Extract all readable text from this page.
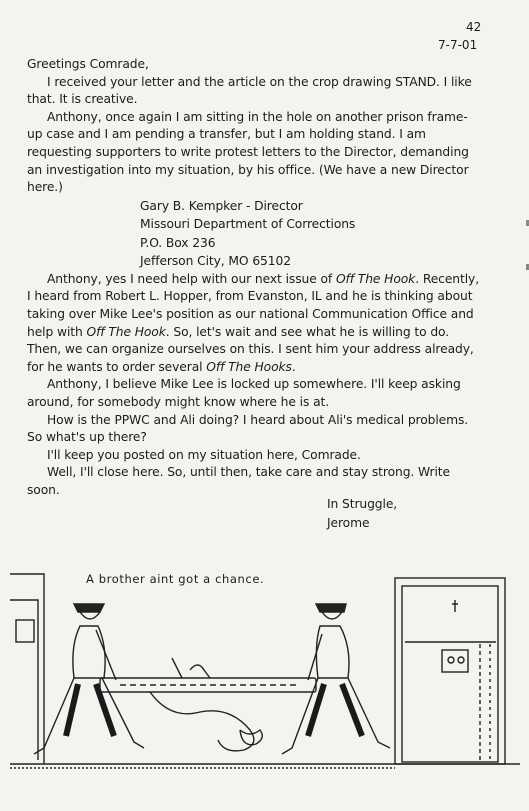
42
7-7-01

Greetings Comrade,

I received your letter and the article on the crop drawing STAND. I like that. It is creative.

Anthony, once again I am sitting in the hole on another prison frame-up case and I am pending a transfer, but I am holding stand. I am requesting supporters to write protest letters to the Director, demanding an investigation into my situation, by his office. (We have a new Director here.)

Gary B. Kempker - Director
Missouri Department of Corrections
P.O. Box 236
Jefferson City, MO 65102

Anthony, yes I need help with our next issue of Off The Hook. Recently, I heard from Robert L. Hopper, from Evanston, IL and he is thinking about taking over Mike Lee's position as our national Communication Office and help with Off The Hook. So, let's wait and see what he is willing to do. Then, we can organize ourselves on this. I sent him your address already, for he wants to order several Off The Hooks.

Anthony, I believe Mike Lee is locked up somewhere. I'll keep asking around, for somebody might know where he is at.

How is the PPWC and Ali doing? I heard about Ali's medical problems. So what's up there?

I'll keep you posted on my situation here, Comrade.

Well, I'll close here. So, until then, take care and stay strong. Write soon.

In Struggle,
Jerome
A brother aint got a chance.
